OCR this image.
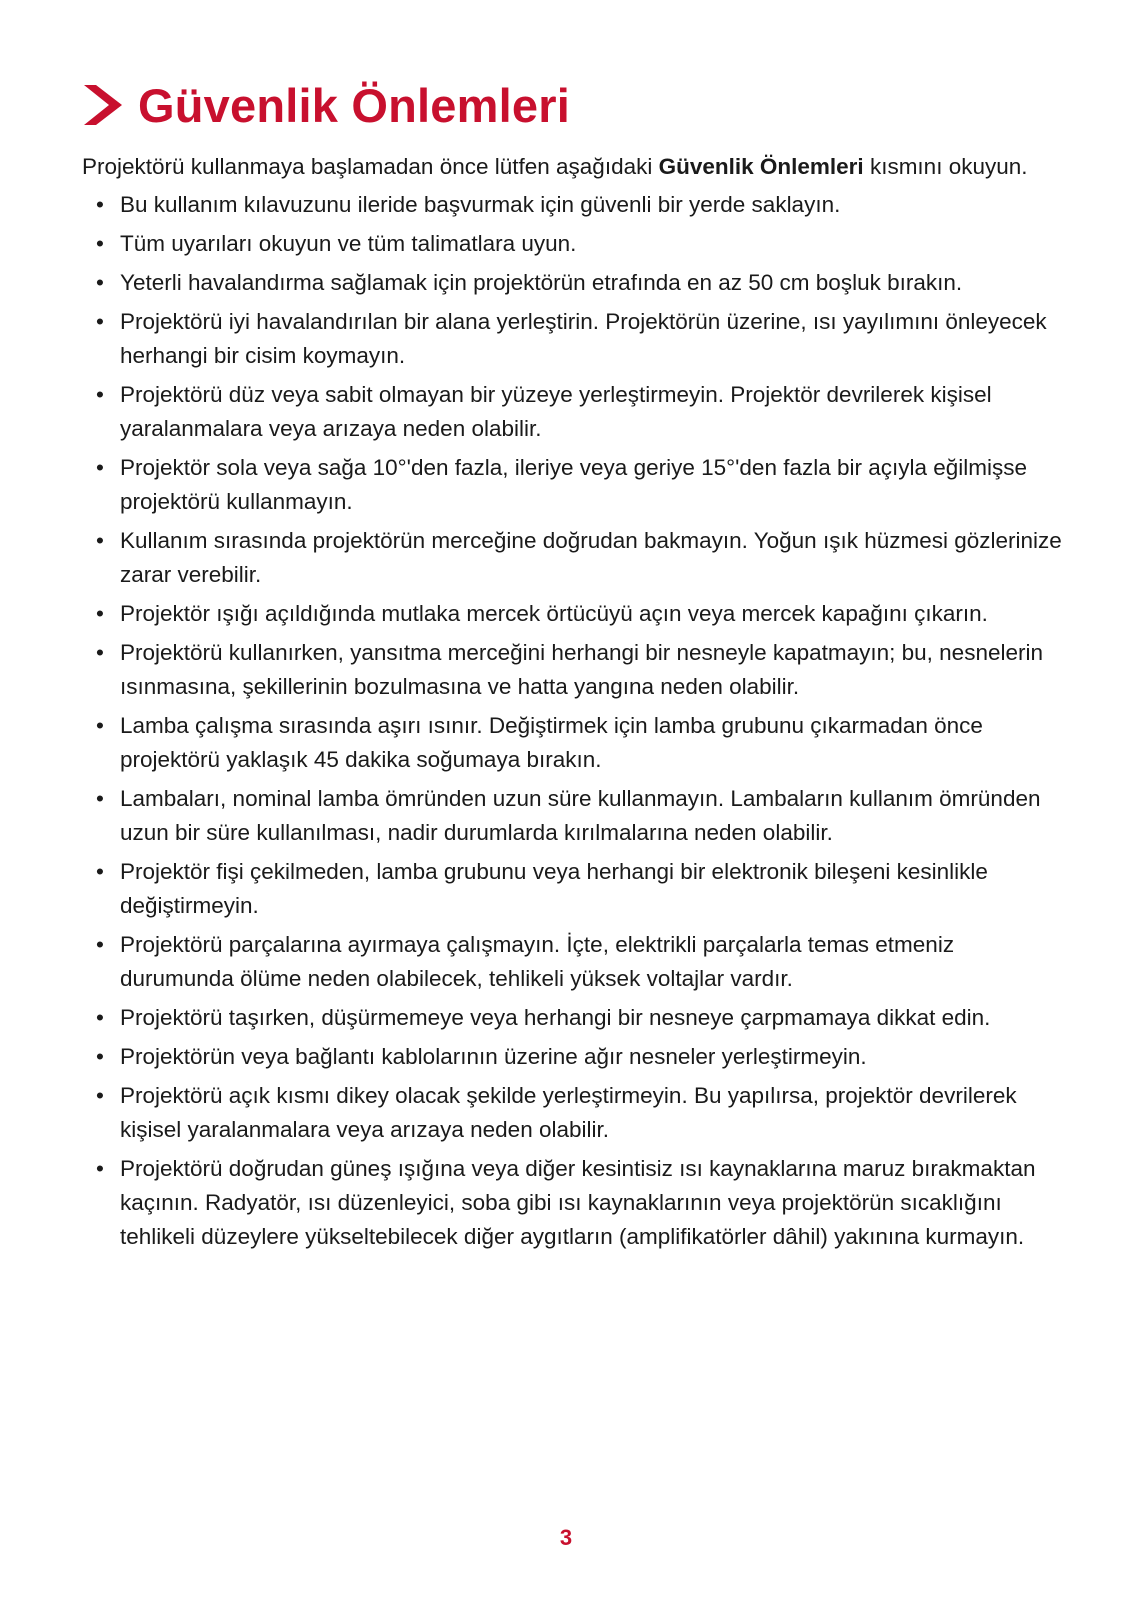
Güvenlik Önlemleri

Projektörü kullanmaya başlamadan önce lütfen aşağıdaki Güvenlik Önlemleri kısmını okuyun.

• Bu kullanım kılavuzunu ileride başvurmak için güvenli bir yerde saklayın.
• Tüm uyarıları okuyun ve tüm talimatlara uyun.
• Yeterli havalandırma sağlamak için projektörün etrafında en az 50 cm boşluk bırakın.
• Projektörü iyi havalandırılan bir alana yerleştirin. Projektörün üzerine, ısı yayılımını önleyecek herhangi bir cisim koymayın.
• Projektörü düz veya sabit olmayan bir yüzeye yerleştirmeyin. Projektör devrilerek kişisel yaralanmalara veya arızaya neden olabilir.
• Projektör sola veya sağa 10°'den fazla, ileriye veya geriye 15°'den fazla bir açıyla eğilmişse projektörü kullanmayın.
• Kullanım sırasında projektörün merceğine doğrudan bakmayın. Yoğun ışık hüzmesi gözlerinize zarar verebilir.
• Projektör ışığı açıldığında mutlaka mercek örtücüyü açın veya mercek kapağını çıkarın.
• Projektörü kullanırken, yansıtma merceğini herhangi bir nesneyle kapatmayın; bu, nesnelerin ısınmasına, şekillerinin bozulmasına ve hatta yangına neden olabilir.
• Lamba çalışma sırasında aşırı ısınır. Değiştirmek için lamba grubunu çıkarmadan önce projektörü yaklaşık 45 dakika soğumaya bırakın.
• Lambaları, nominal lamba ömründen uzun süre kullanmayın. Lambaların kullanım ömründen uzun bir süre kullanılması, nadir durumlarda kırılmalarına neden olabilir.
• Projektör fişi çekilmeden, lamba grubunu veya herhangi bir elektronik bileşeni kesinlikle değiştirmeyin.
• Projektörü parçalarına ayırmaya çalışmayın. İçte, elektrikli parçalarla temas etmeniz durumunda ölüme neden olabilecek, tehlikeli yüksek voltajlar vardır.
• Projektörü taşırken, düşürmemeye veya herhangi bir nesneye çarpmamaya dikkat edin.
• Projektörün veya bağlantı kablolarının üzerine ağır nesneler yerleştirmeyin.
• Projektörü açık kısmı dikey olacak şekilde yerleştirmeyin. Bu yapılırsa, projektör devrilerek kişisel yaralanmalara veya arızaya neden olabilir.
• Projektörü doğrudan güneş ışığına veya diğer kesintisiz ısı kaynaklarına maruz bırakmaktan kaçının. Radyatör, ısı düzenleyici, soba gibi ısı kaynaklarının veya projektörün sıcaklığını tehlikeli düzeylere yükseltebilecek diğer aygıtların (amplifikatörler dâhil) yakınına kurmayın.
3
